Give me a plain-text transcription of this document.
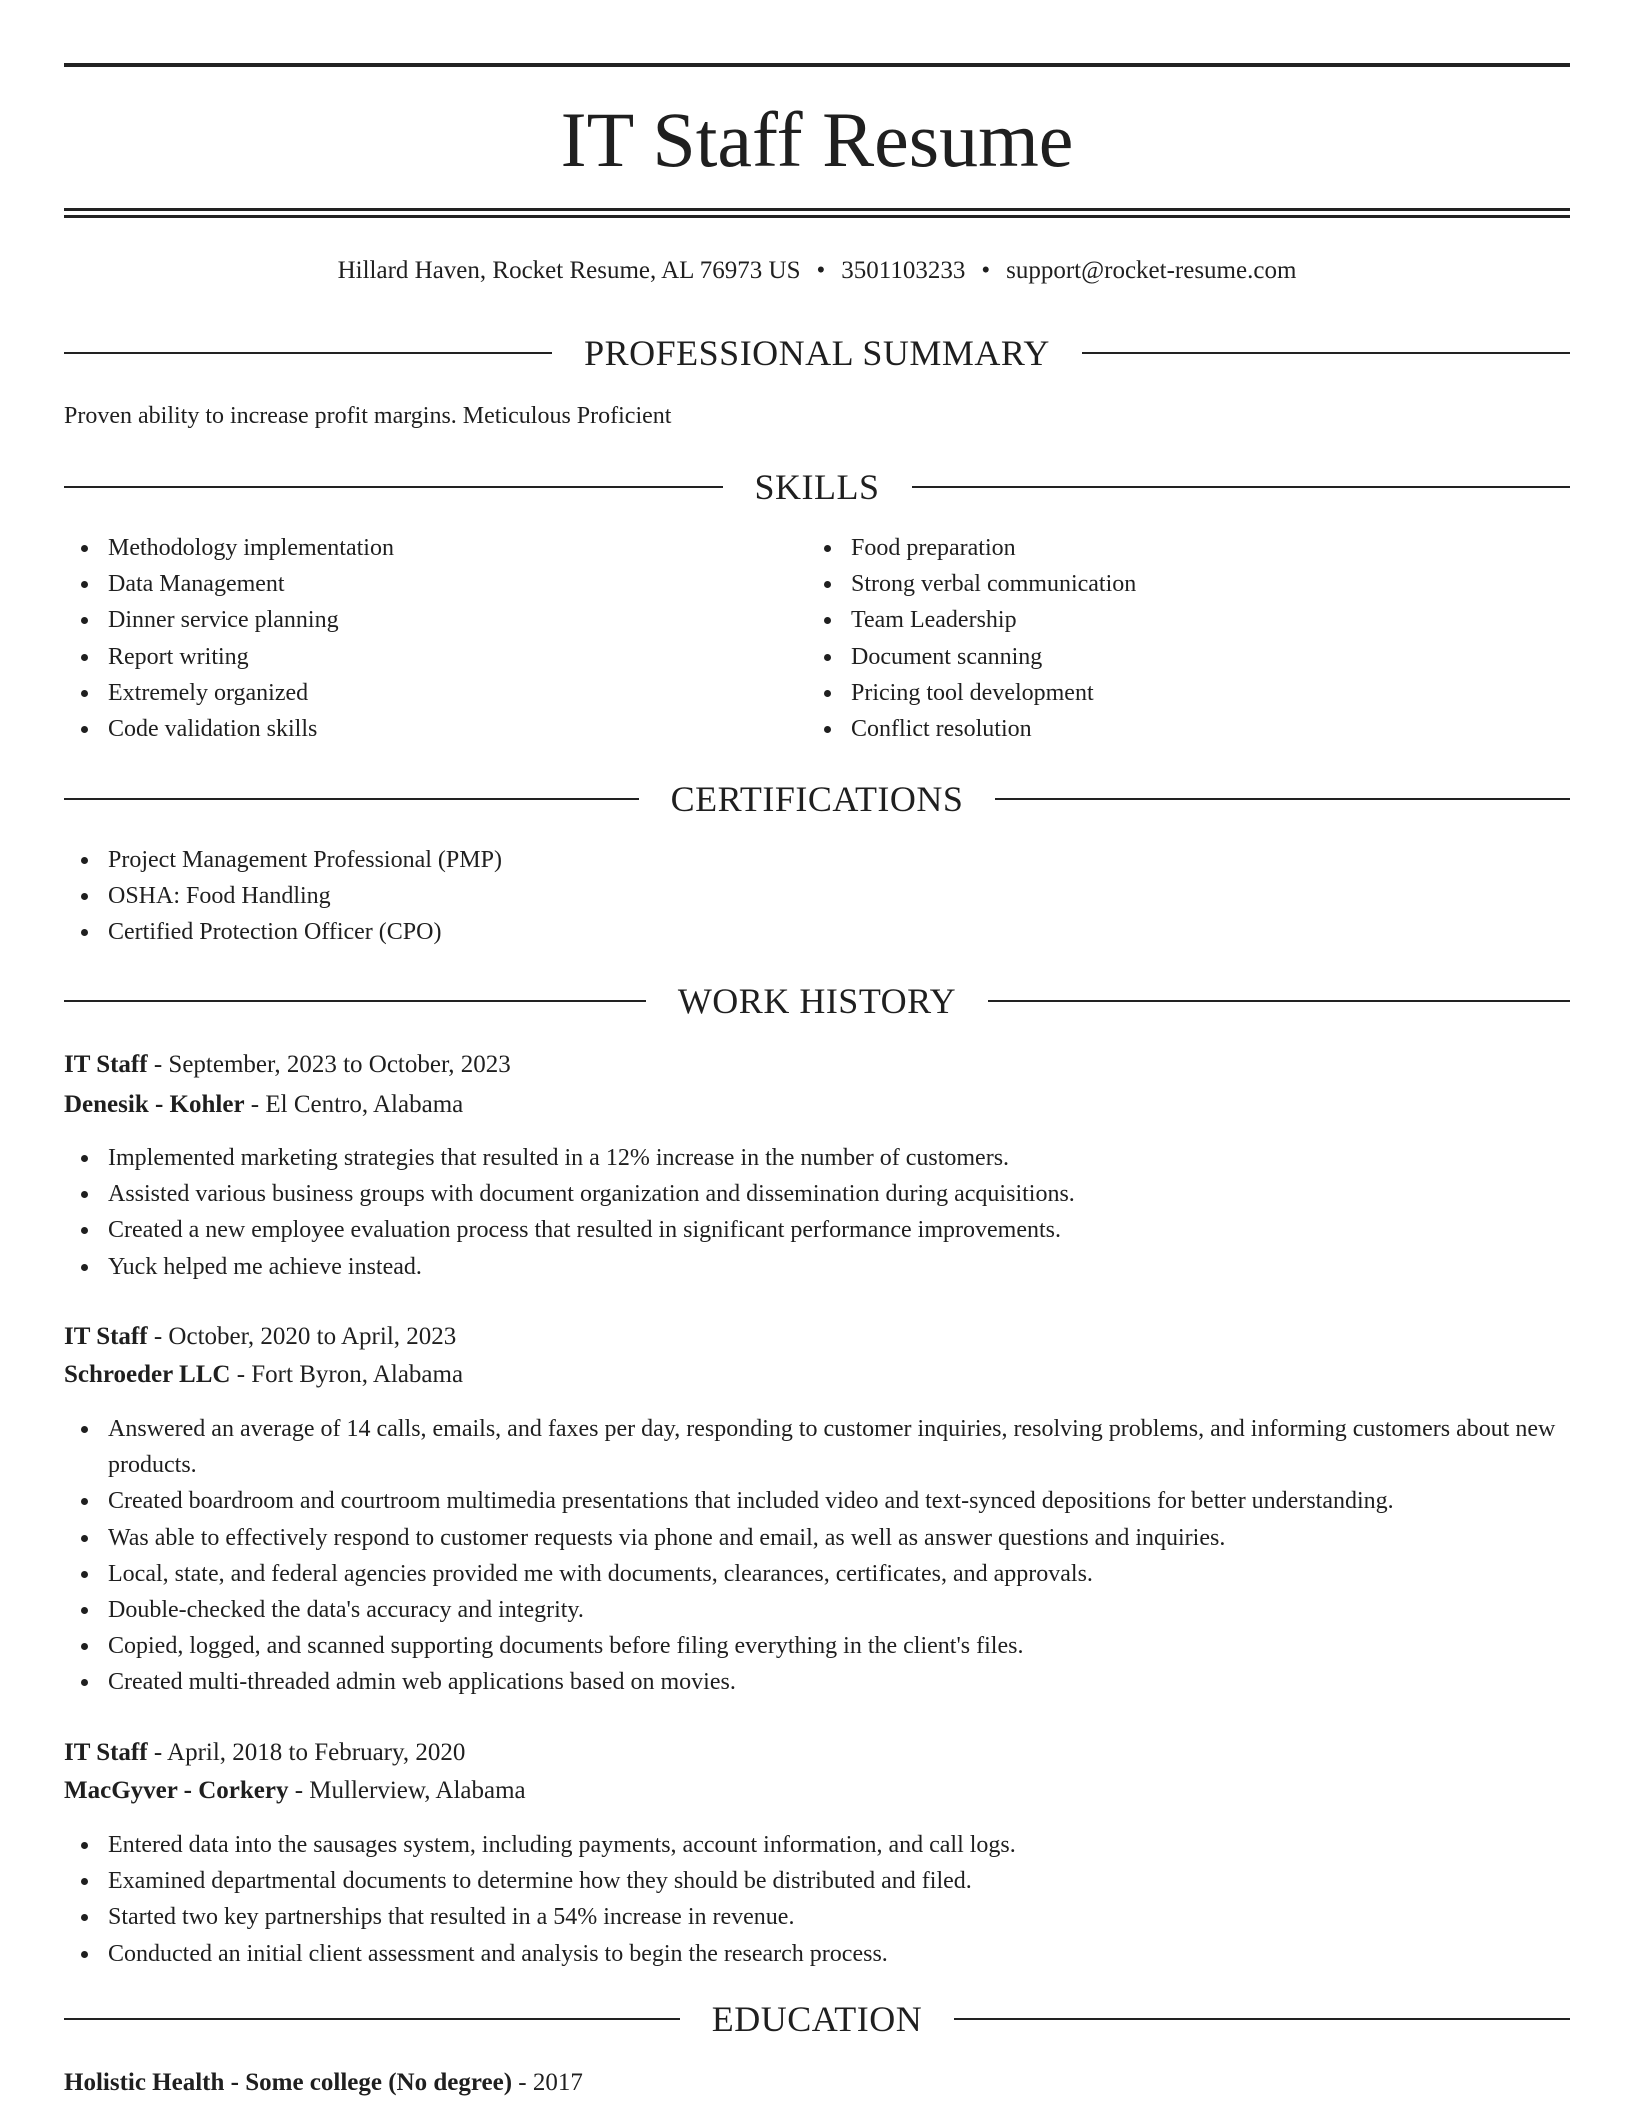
IT Staff Resume
Hillard Haven, Rocket Resume, AL 76973 US • 3501103233 • support@rocket-resume.com
PROFESSIONAL SUMMARY
Proven ability to increase profit margins. Meticulous Proficient
SKILLS
Methodology implementation
Data Management
Dinner service planning
Report writing
Extremely organized
Code validation skills
Food preparation
Strong verbal communication
Team Leadership
Document scanning
Pricing tool development
Conflict resolution
CERTIFICATIONS
Project Management Professional (PMP)
OSHA: Food Handling
Certified Protection Officer (CPO)
WORK HISTORY
IT Staff - September, 2023 to October, 2023
Denesik - Kohler - El Centro, Alabama
Implemented marketing strategies that resulted in a 12% increase in the number of customers.
Assisted various business groups with document organization and dissemination during acquisitions.
Created a new employee evaluation process that resulted in significant performance improvements.
Yuck helped me achieve instead.
IT Staff - October, 2020 to April, 2023
Schroeder LLC - Fort Byron, Alabama
Answered an average of 14 calls, emails, and faxes per day, responding to customer inquiries, resolving problems, and informing customers about new products.
Created boardroom and courtroom multimedia presentations that included video and text-synced depositions for better understanding.
Was able to effectively respond to customer requests via phone and email, as well as answer questions and inquiries.
Local, state, and federal agencies provided me with documents, clearances, certificates, and approvals.
Double-checked the data's accuracy and integrity.
Copied, logged, and scanned supporting documents before filing everything in the client's files.
Created multi-threaded admin web applications based on movies.
IT Staff - April, 2018 to February, 2020
MacGyver - Corkery - Mullerview, Alabama
Entered data into the sausages system, including payments, account information, and call logs.
Examined departmental documents to determine how they should be distributed and filed.
Started two key partnerships that resulted in a 54% increase in revenue.
Conducted an initial client assessment and analysis to begin the research process.
EDUCATION
Holistic Health - Some college (No degree) - 2017
